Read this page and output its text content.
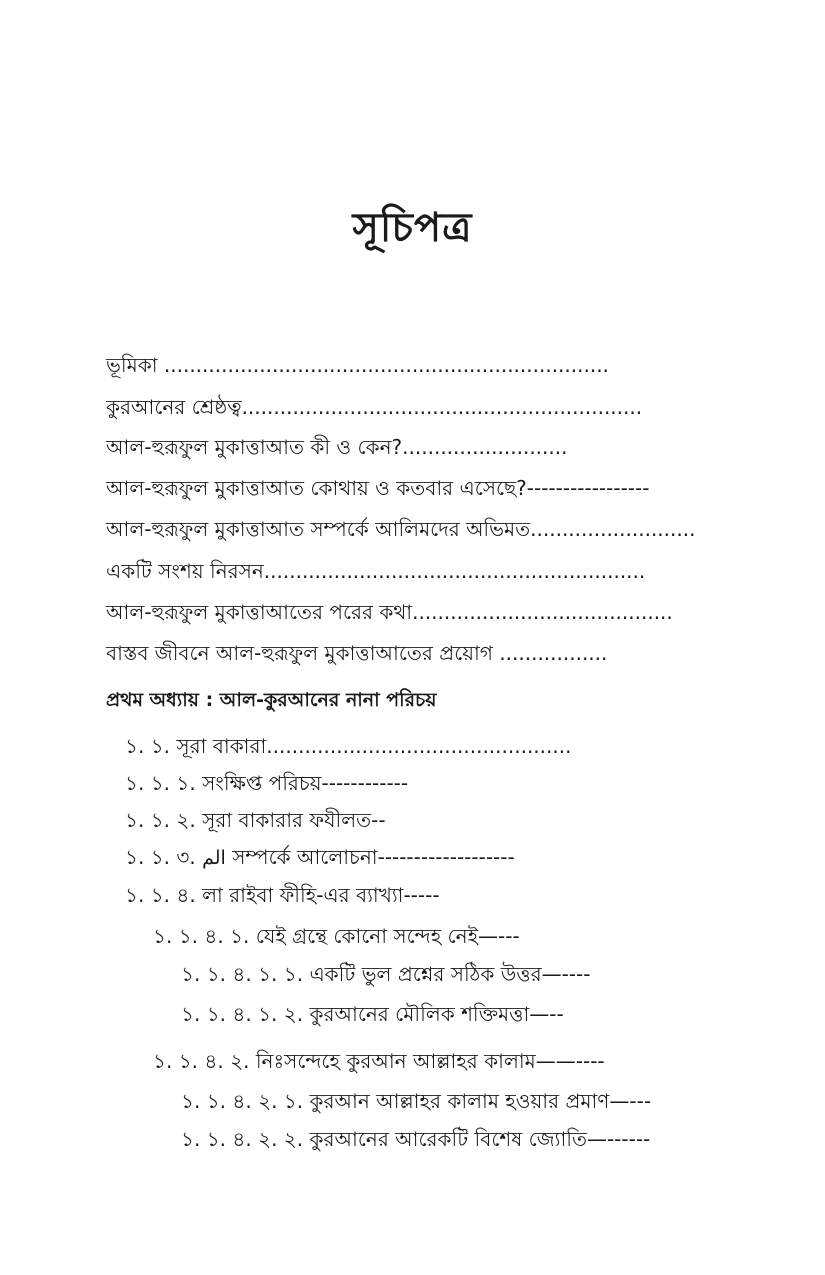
সূচিপত্র
ভূমিকা ......................................................................
কুরআনের শ্রেষ্ঠত্ব...............................................................
আল-হুরূফুল মুকাত্তাআত কী ও কেন?..........................
আল-হুরূফুল মুকাত্তাআত কোথায় ও কতবার এসেছে?-----------------
আল-হুরূফুল মুকাত্তাআত সম্পর্কে আলিমদের অভিমত..........................
একটি সংশয় নিরসন............................................................
আল-হুরূফুল মুকাত্তাআতের পরের কথা.........................................
বাস্তব জীবনে আল-হুরূফুল মুকাত্তাআতের প্রয়োগ .................
প্রথম অধ্যায় : আল-কুরআনের নানা পরিচয়
১. ১. সূরা বাকারা................................................
১. ১. ১. সংক্ষিপ্ত পরিচয়------------
১. ১. ২. সূরা বাকারার ফযীলত--
১. ১. ৩. الم সম্পর্কে আলোচনা-------------------
১. ১. ৪. লা রাইবা ফীহি-এর ব্যাখ্যা-----
১. ১. ৪. ১. যেই গ্রন্থে কোনো সন্দেহ নেই—---
১. ১. ৪. ১. ১. একটি ভুল প্রশ্নের সঠিক উত্তর—----
১. ১. ৪. ১. ২. কুরআনের মৌলিক শক্তিমত্তা—--
১. ১. ৪. ২. নিঃসন্দেহে কুরআন আল্লাহর কালাম——----
১. ১. ৪. ২. ১. কুরআন আল্লাহর কালাম হওয়ার প্রমাণ—---
১. ১. ৪. ২. ২. কুরআনের আরেকটি বিশেষ জ্যোতি—------
